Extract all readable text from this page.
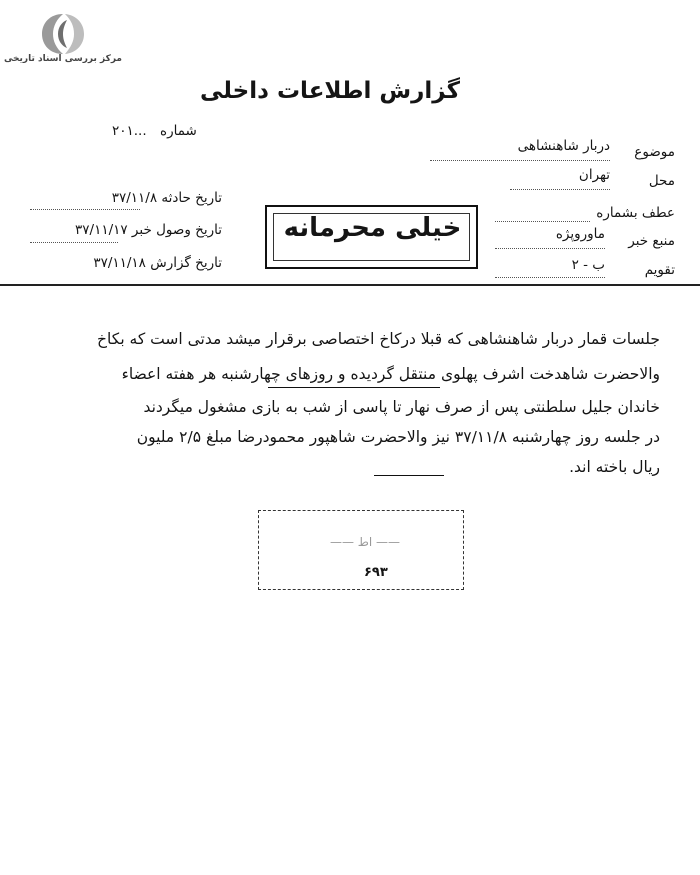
مرکز بررسی اسناد تاریخی
گزارش اطلاعات داخلی
شماره
۲۰۱...
تاریخ حادثه ۳۷/۱۱/۸
تاریخ وصول خبر ۳۷/۱۱/۱۷
تاریخ گزارش ۳۷/۱۱/۱۸
موضوع
دربار شاهنشاهی
محل
تهران
عطف بشماره
منبع خبر
ماوروپژه
تقویم
ب - ۲
خیلی محرمانه
جلسات قمار دربار شاهنشاهی که قبلا درکاخ اختصاصی برقرار میشد مدتی است که بکاخ
والاحضرت شاهدخت اشرف پهلوی منتقل گردیده و روزهای چهارشنبه هر هفته اعضاء
خاندان جلیل سلطنتی پس از صرف نهار تا پاسی از شب به بازی مشغول میگردند
در جلسه روز چهارشنبه ۳۷/۱۱/۸ نیز والاحضرت شاهپور محمودرضا مبلغ ۲/۵ ملیون
ریال باخته اند.
—— اط ——
۶۹۳
